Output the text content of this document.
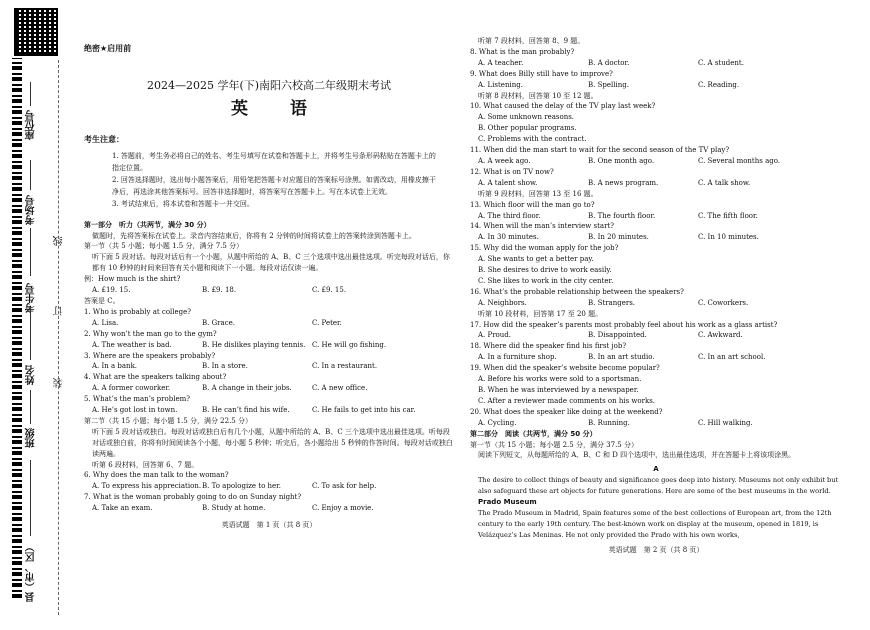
座位号
考场号
考生号
姓名
班级
县（市、区）
线
订
装
绝密★启用前
2024—2025 学年(下)南阳六校高二年级期末考试
英 语
考生注意：
1. 答题前，考生务必将自己的姓名、考生号填写在试卷和答题卡上，并将考生号条形码粘贴在答题卡上的指定位置。
2. 回答选择题时，选出每小题答案后，用铅笔把答题卡对应题目的答案标号涂黑。如需改动，用橡皮擦干净后，再选涂其他答案标号。回答非选择题时，将答案写在答题卡上。写在本试卷上无效。
3. 考试结束后，将本试卷和答题卡一并交回。
第一部分　听力（共两节，满分 30 分）
做题时，先将答案标在试卷上。录音内容结束后，你将有 2 分钟的时间将试卷上的答案转涂到答题卡上。
第一节（共 5 小题；每小题 1.5 分，满分 7.5 分）
听下面 5 段对话。每段对话后有一个小题，从题中所给的 A、B、C 三个选项中选出最佳选项。听完每段对话后，你都有 10 秒钟的时间来回答有关小题和阅读下一小题。每段对话仅读一遍。
例：How much is the shirt?
A. £19. 15.	B. £9. 18.	C. £9. 15.
答案是 C。
1. Who is probably at college?
A. Lisa.	B. Grace.	C. Peter.
2. Why won’t the man go to the gym?
A. The weather is bad.	B. He dislikes playing tennis. C. He will go fishing.
3. Where are the speakers probably?
A. In a bank.	B. In a store.	C. In a restaurant.
4. What are the speakers talking about?
A. A former coworker.	B. A change in their jobs.	C. A new office.
5. What’s the man’s problem?
A. He’s got lost in town.	B. He can’t find his wife.	C. He fails to get into his car.
第二节（共 15 小题；每小题 1.5 分，满分 22.5 分）
听下面 5 段对话或独白。每段对话或独白后有几个小题，从题中所给的 A、B、C 三个选项中选出最佳选项。听每段对话或独白前，你将有时间阅读各个小题，每小题 5 秒钟；听完后，各小题给出 5 秒钟的作答时间。每段对话或独白读两遍。
听第 6 段材料，回答第 6、7 题。
6. Why does the man talk to the woman?
A. To express his appreciation. B. To apologize to her.	C. To ask for help.
7. What is the woman probably going to do on Sunday night?
A. Take an exam.	B. Study at home.	C. Enjoy a movie.
英语试题　第 1 页（共 8 页）
听第 7 段材料，回答第 8、9 题。
8. What is the man probably?
A. A teacher.	B. A doctor.	C. A student.
9. What does Billy still have to improve?
A. Listening.	B. Spelling.	C. Reading.
听第 8 段材料，回答第 10 至 12 题。
10. What caused the delay of the TV play last week?
A. Some unknown reasons.
B. Other popular programs.
C. Problems with the contract.
11. When did the man start to wait for the second season of the TV play?
A. A week ago.	B. One month ago.	C. Several months ago.
12. What is on TV now?
A. A talent show.	B. A news program.	C. A talk show.
听第 9 段材料，回答第 13 至 16 题。
13. Which floor will the man go to?
A. The third floor.	B. The fourth floor.	C. The fifth floor.
14. When will the man’s interview start?
A. In 30 minutes.	B. In 20 minutes.	C. In 10 minutes.
15. Why did the woman apply for the job?
A. She wants to get a better pay.
B. She desires to drive to work easily.
C. She likes to work in the city center.
16. What’s the probable relationship between the speakers?
A. Neighbors.	B. Strangers.	C. Coworkers.
听第 10 段材料，回答第 17 至 20 题。
17. How did the speaker’s parents most probably feel about his work as a glass artist?
A. Proud.	B. Disappointed.	C. Awkward.
18. Where did the speaker find his first job?
A. In a furniture shop.	B. In an art studio.	C. In an art school.
19. When did the speaker’s website become popular?
A. Before his works were sold to a sportsman.
B. When he was interviewed by a newspaper.
C. After a reviewer made comments on his works.
20. What does the speaker like doing at the weekend?
A. Cycling.	B. Running.	C. Hill walking.
第二部分　阅读（共两节，满分 50 分）
第一节（共 15 小题；每小题 2.5 分，满分 37.5 分）
阅读下列短文，从每题所给的 A、B、C 和 D 四个选项中，选出最佳选项，并在答题卡上将该项涂黑。
A
The desire to collect things of beauty and significance goes deep into history. Museums not only exhibit but also safeguard these art objects for future generations. Here are some of the best museums in the world.
Prado Museum
The Prado Museum in Madrid, Spain features some of the best collections of European art, from the 12th century to the early 19th century. The best-known work on display at the museum, opened in 1819, is Velázquez’s Las Meninas. He not only provided the Prado with his own works,
英语试题　第 2 页（共 8 页）
